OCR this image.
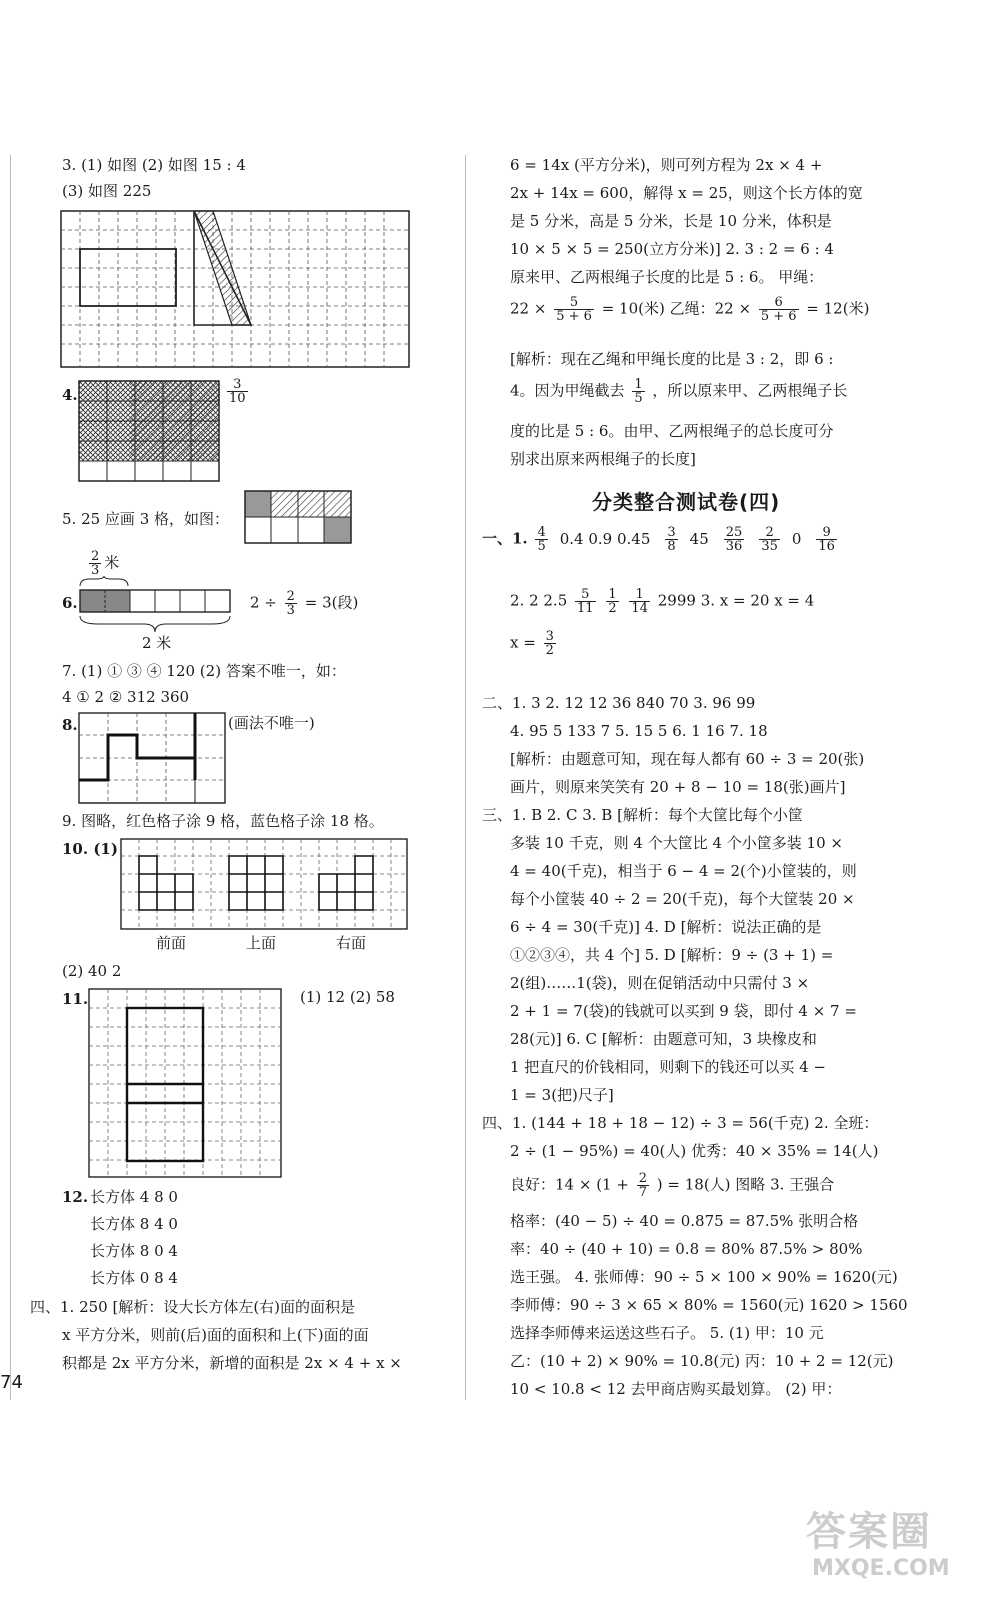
3. (1) 如图 (2) 如图 15 : 4
(3) 如图 225
4.	$\frac{3}{10}$
5. 25 应画 3 格，如图：
6.
$\frac{2}{3}$ 米
2 米
$2 \div \frac{2}{3} = 3$(段)
7. (1) ① ③ ④ 120 (2) 答案不唯一，如：
4 ① 2 ② 312 360
8.	(画法不唯一)
9. 图略，红色格子涂 9 格，蓝色格子涂 18 格。
10. (1)
前面	上面	右面
(2) 40 2
11.	(1) 12 (2) 58
12. 长方体 4 8 0
长方体 8 4 0
长方体 8 0 4
长方体 0 8 4
四、1. 250 [解析：设大长方体左(右)面的面积是
x 平方分米，则前(后)面的面积和上(下)面的面
积都是 2x 平方分米，新增的面积是 2x × 4 + x ×
74
6 = 14x (平方分米)，则可列方程为 2x × 4 +
2x + 14x = 600，解得 x = 25，则这个长方体的宽
是 5 分米，高是 5 分米，长是 10 分米，体积是
10 × 5 × 5 = 250(立方分米)] 2. 3 : 2 = 6 : 4
原来甲、乙两根绳子长度的比是 5 : 6。 甲绳：
$22 \times \frac{5}{5 + 6} = 10$(米) 乙绳：$22 \times \frac{6}{5 + 6} = 12$(米)
[解析：现在乙绳和甲绳长度的比是 3 : 2，即 6 :
4。因为甲绳截去 $\frac{1}{5}$ ，所以原来甲、乙两根绳子长
度的比是 5 : 6。由甲、乙两根绳子的总长度可分
别求出原来两根绳子的长度]
分类整合测试卷(四)
一、1. $\frac{4}{5} 0.4$ 0.9 $0.45 \frac{3}{8} 45 \frac{25}{36} \frac{2}{35} 0 \frac{9}{16}$
2. 2 $2.5 \frac{5}{11}$
$\frac{1}{2}$
$\frac{1}{14} 2999$ 3. x = 20 x = 4
$x = \frac{3}{2}$
二、1. 3 2. 12 12 36 840 70 3. 96 99
4. 95 5 133 7 5. 15 5 6. 1 16 7. 18
[解析：由题意可知，现在每人都有 60 ÷ 3 = 20(张)
画片，则原来笑笑有 20 + 8 − 10 = 18(张)画片]
三、1. B 2. C 3. B [解析：每个大筐比每个小筐
多装 10 千克，则 4 个大筐比 4 个小筐多装 10 ×
4 = 40(千克)，相当于 6 − 4 = 2(个)小筐装的，则
每个小筐装 40 ÷ 2 = 20(千克)，每个大筐装 20 ×
6 ÷ 4 = 30(千克)] 4. D [解析：说法正确的是
①②③④，共 4 个] 5. D [解析：9 ÷ (3 + 1) =
2(组)……1(袋)，则在促销活动中只需付 3 ×
2 + 1 = 7(袋)的钱就可以买到 9 袋，即付 4 × 7 =
28(元)] 6. C [解析：由题意可知，3 块橡皮和
1 把直尺的价钱相同，则剩下的钱还可以买 4 −
1 = 3(把)尺子]
四、1. (144 + 18 + 18 − 12) ÷ 3 = 56(千克) 2. 全班：
2 ÷ (1 − 95%) = 40(人) 优秀：40 × 35% = 14(人)
良好：$14 \times (1 + \frac{2}{7}$ ) = 18(人) 图略 3. 王强合
格率：(40 − 5) ÷ 40 = 0.875 = 87.5% 张明合格
率：40 ÷ (40 + 10) = 0.8 = 80% 87.5% > 80%
选王强。 4. 张师傅：90 ÷ 5 × 100 × 90% = 1620(元)
李师傅：90 ÷ 3 × 65 × 80% = 1560(元) 1620 > 1560
选择李师傅来运送这些石子。 5. (1) 甲：10 元
乙：(10 + 2) × 90% = 10.8(元) 丙：10 + 2 = 12(元)
10 < 10.8 < 12 去甲商店购买最划算。 (2) 甲：
答案圈
MXQE.COM
